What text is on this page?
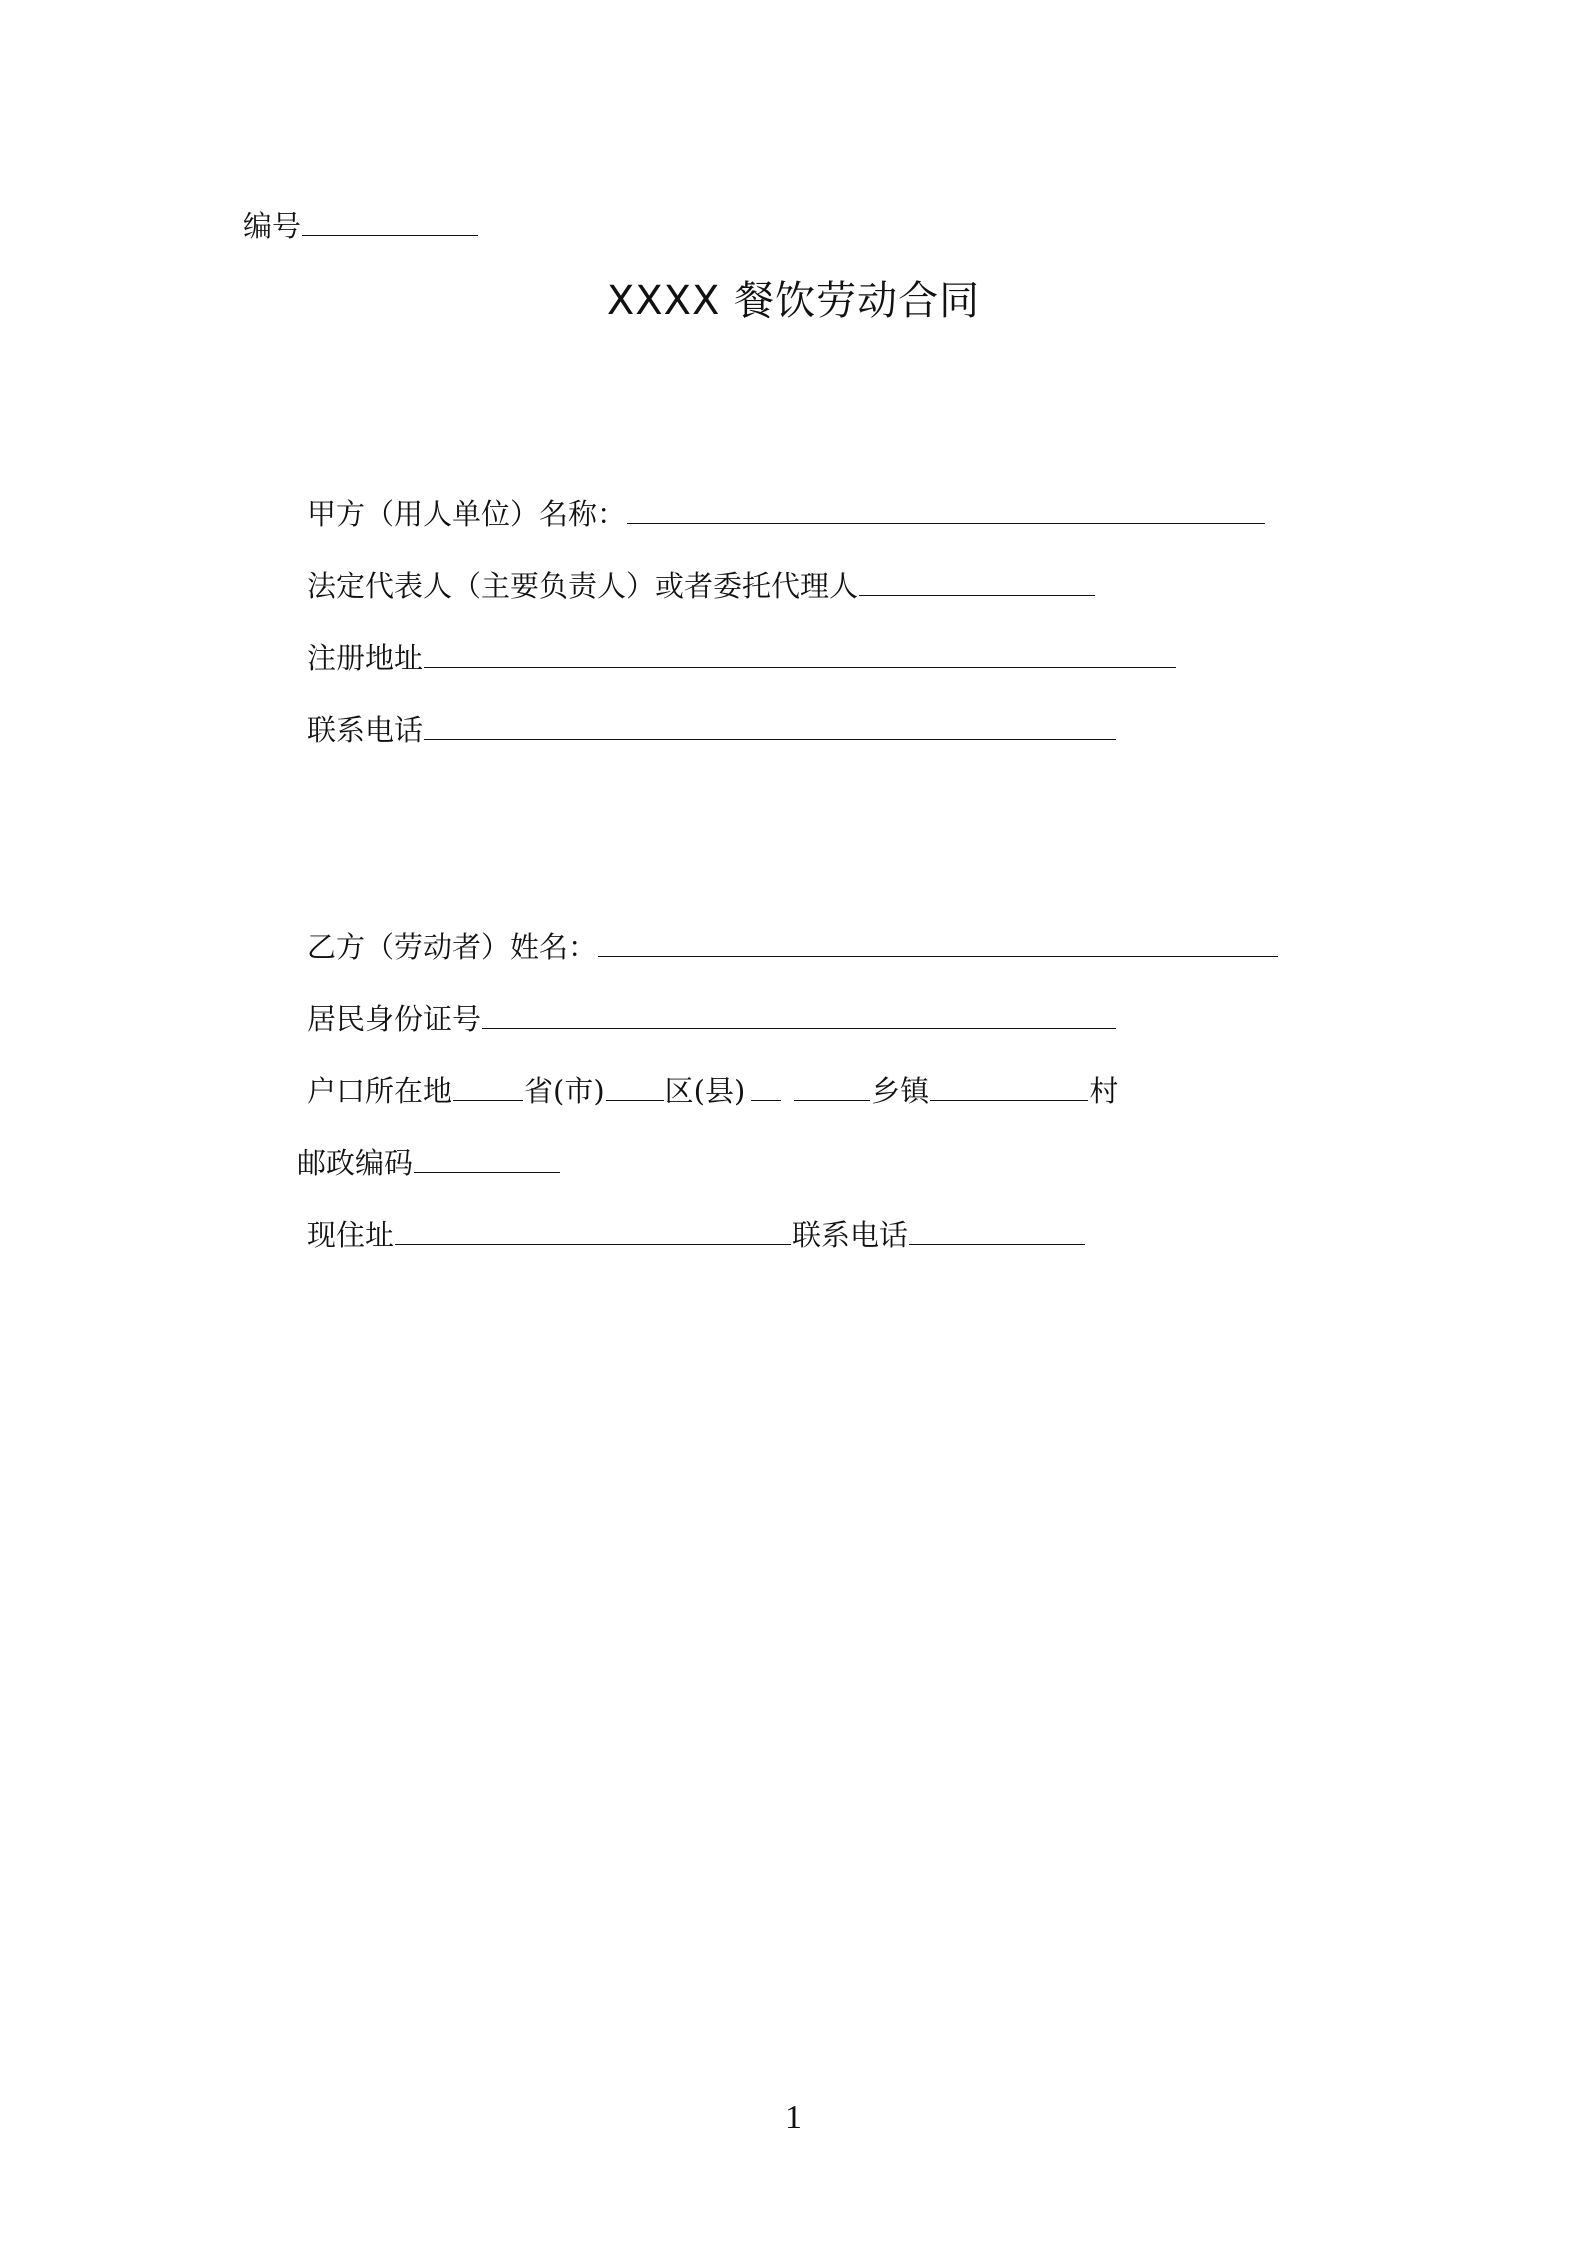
编号
XXXX 餐饮劳动合同
甲方（用人单位）名称：
法定代表人（主要负责人）或者委托代理人
注册地址
联系电话
乙方（劳动者）姓名：
居民身份证号
户口所在地 省(市) 区(县)	乡镇	村
邮政编码
现住址	联系电话
1
